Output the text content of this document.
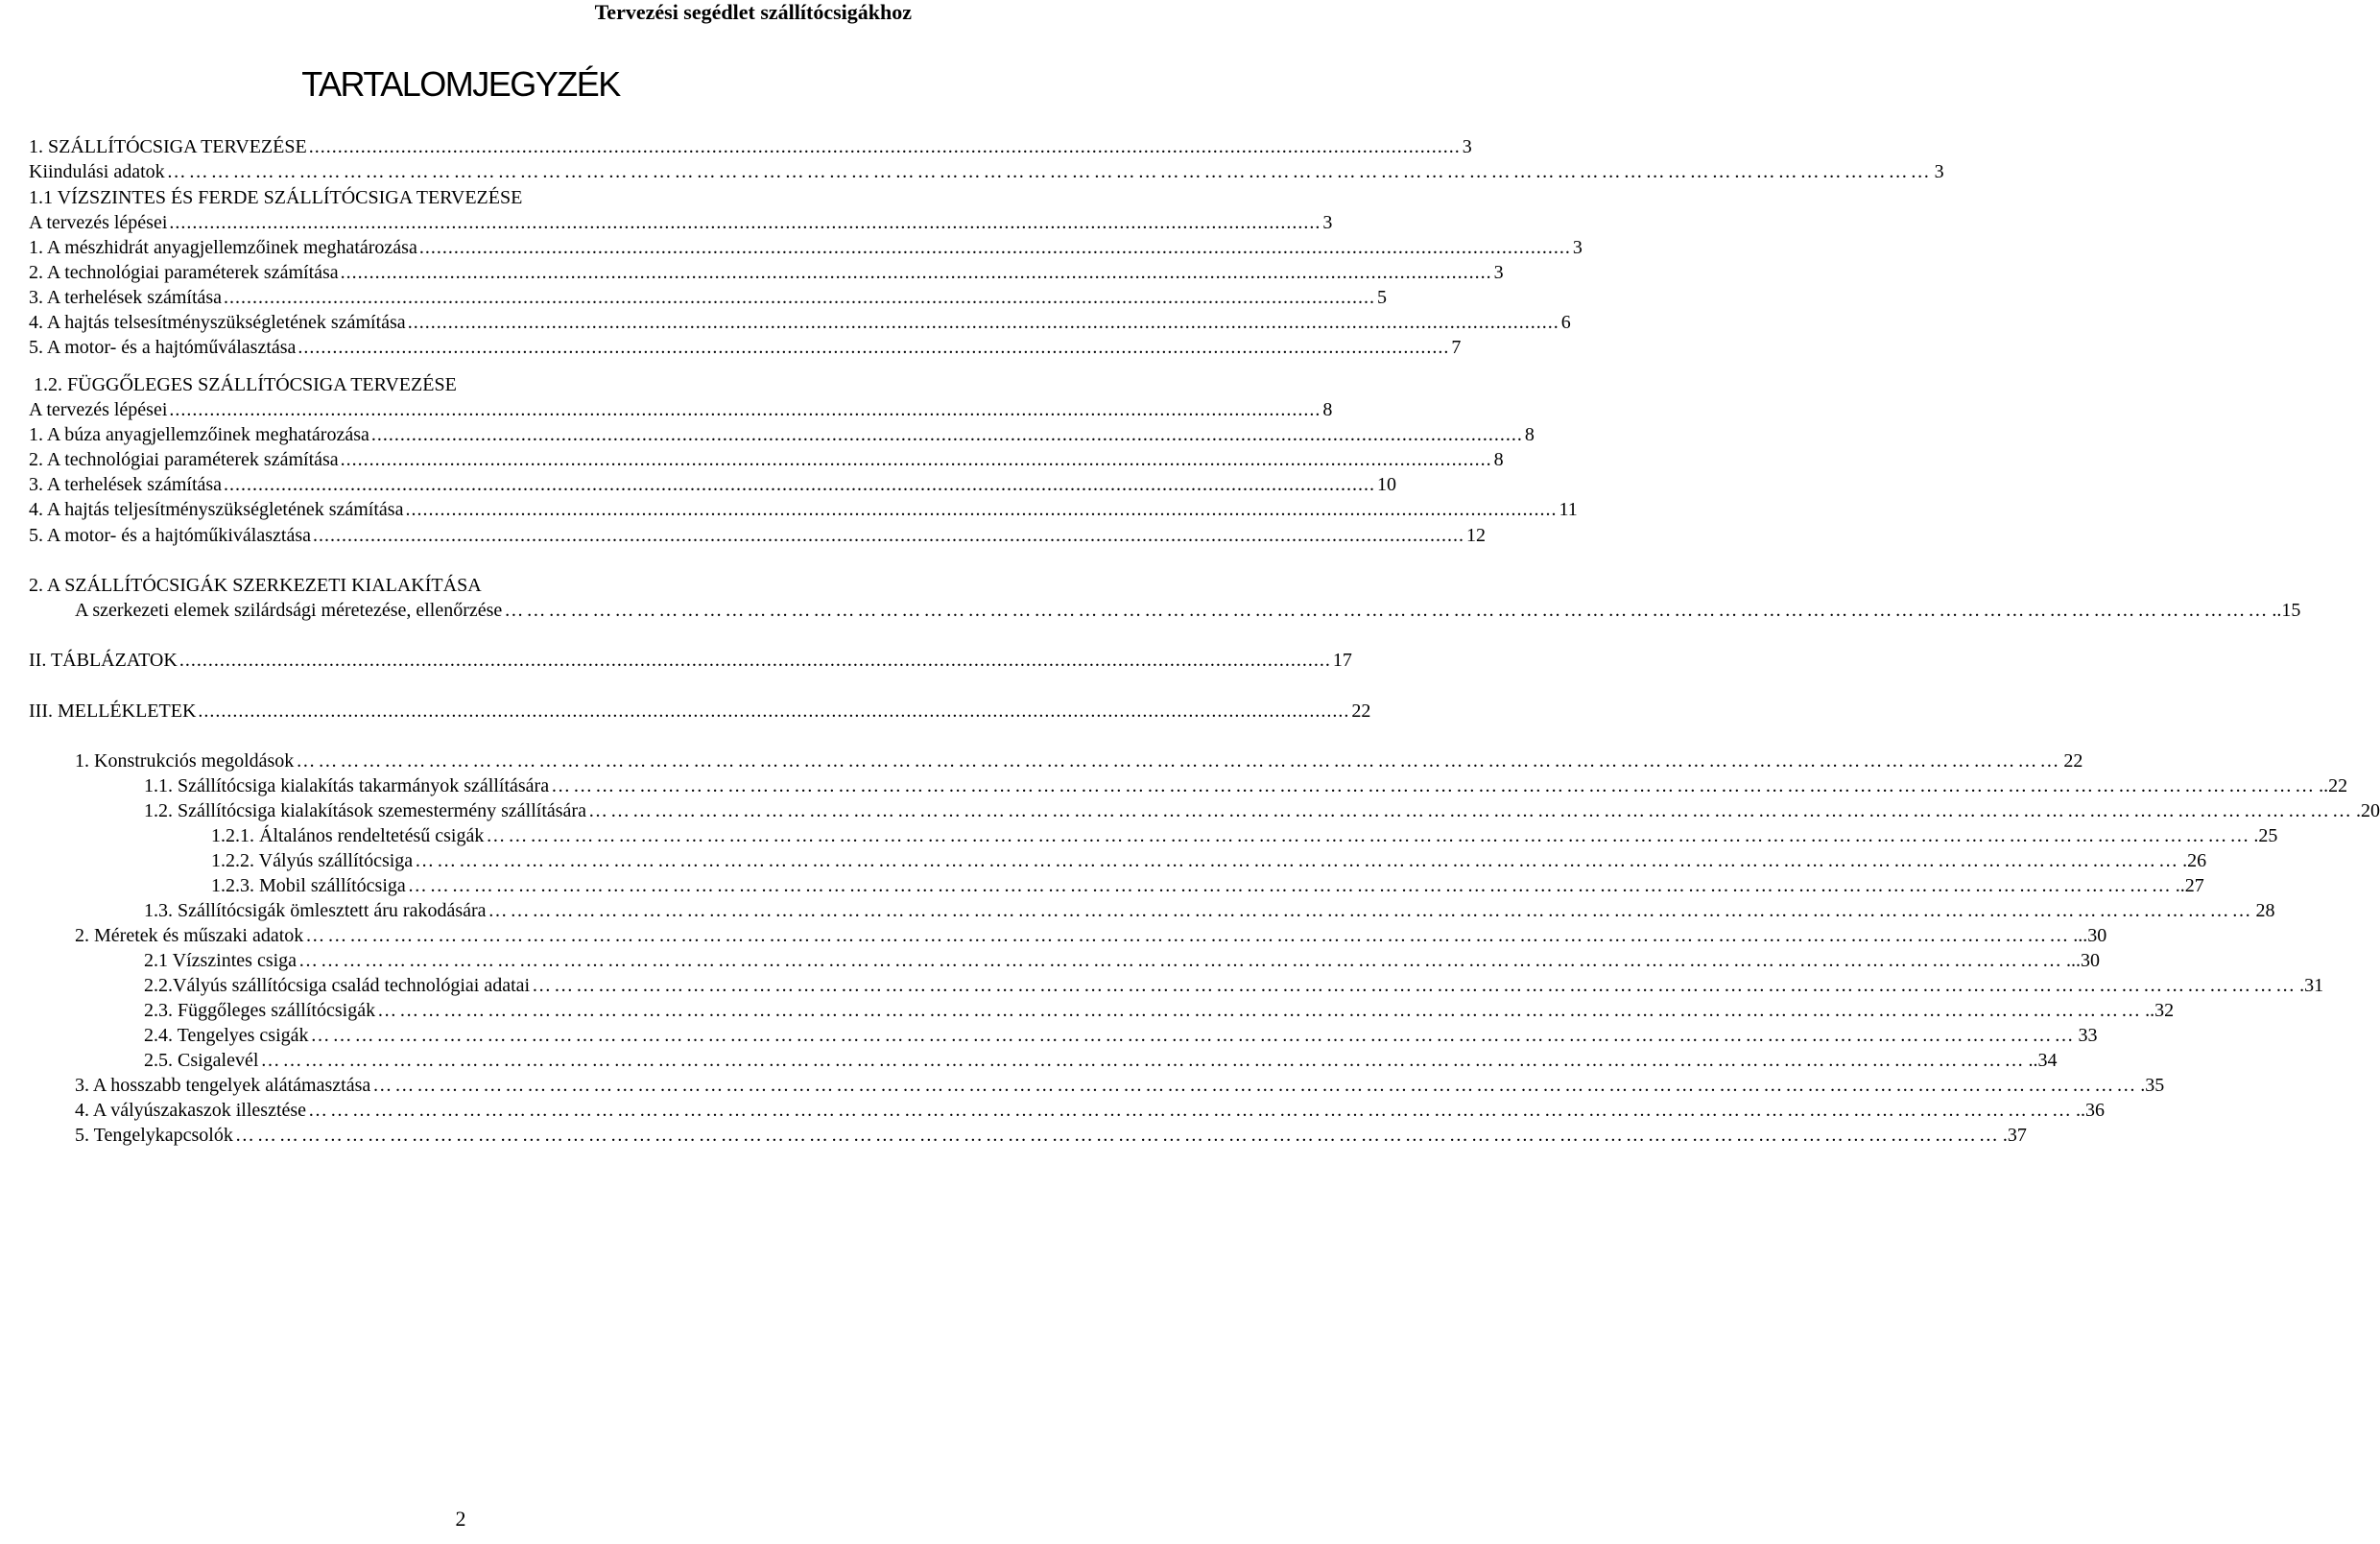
Tervezési segédlet szállítócsigákhoz
TARTALOMJEGYZÉK
1. SZÁLLÍTÓCSIGA TERVEZÉSE ........................................................................................................................................................................................................ 3
Kiindulási adatok …………………………………………………………………………………………………………………………………………………………………………………………………………………… 3
1.1 VÍZSZINTES ÉS FERDE SZÁLLÍTÓCSIGA TERVEZÉSE
A tervezés lépései ........................................................................................................................................................................................................ 3
1. A mészhidrát anyagjellemzőinek meghatározása ........................................................................................................................................................................................................ 3
2. A technológiai paraméterek számítása ........................................................................................................................................................................................................ 3
3. A terhelések számítása ........................................................................................................................................................................................................ 5
4. A hajtás telsesítményszükségletének számítása ........................................................................................................................................................................................................ 6
5. A motor- és a hajtóműválasztása ........................................................................................................................................................................................................ 7
1.2. FÜGGŐLEGES SZÁLLÍTÓCSIGA TERVEZÉSE
A tervezés lépései ........................................................................................................................................................................................................ 8
1. A búza anyagjellemzőinek meghatározása ........................................................................................................................................................................................................ 8
2. A technológiai paraméterek számítása ........................................................................................................................................................................................................ 8
3. A terhelések számítása ........................................................................................................................................................................................................ 10
4. A hajtás teljesítményszükségletének számítása ........................................................................................................................................................................................................ 11
5. A motor- és a hajtóműkiválasztása ........................................................................................................................................................................................................ 12
2. A SZÁLLÍTÓCSIGÁK SZERKEZETI KIALAKÍTÁSA
A szerkezeti elemek szilárdsági méretezése, ellenőrzése …………………………………………………………………………………………………………………………………………………………………………………………………………………… ..15
II. TÁBLÁZATOK ........................................................................................................................................................................................................ 17
III. MELLÉKLETEK ........................................................................................................................................................................................................ 22
1. Konstrukciós megoldások …………………………………………………………………………………………………………………………………………………………………………………………………………………… 22
1.1. Szállítócsiga kialakítás takarmányok szállítására …………………………………………………………………………………………………………………………………………………………………………………………………………………… ..22
1.2. Szállítócsiga kialakítások szemestermény szállítására …………………………………………………………………………………………………………………………………………………………………………………………………………………… .20
1.2.1. Általános rendeltetésű csigák …………………………………………………………………………………………………………………………………………………………………………………………………………………… .25
1.2.2. Vályús szállítócsiga …………………………………………………………………………………………………………………………………………………………………………………………………………………… .26
1.2.3. Mobil szállítócsiga …………………………………………………………………………………………………………………………………………………………………………………………………………………… ..27
1.3. Szállítócsigák ömlesztett áru rakodására …………………………………………………………………………………………………………………………………………………………………………………………………………………… 28
2. Méretek és műszaki adatok …………………………………………………………………………………………………………………………………………………………………………………………………………………… ...30
2.1 Vízszintes csiga …………………………………………………………………………………………………………………………………………………………………………………………………………………… ...30
2.2.Vályús szállítócsiga család technológiai adatai …………………………………………………………………………………………………………………………………………………………………………………………………………………… .31
2.3. Függőleges szállítócsigák …………………………………………………………………………………………………………………………………………………………………………………………………………………… ..32
2.4. Tengelyes csigák …………………………………………………………………………………………………………………………………………………………………………………………………………………… 33
2.5. Csigalevél …………………………………………………………………………………………………………………………………………………………………………………………………………………… ..34
3. A hosszabb tengelyek alátámasztása …………………………………………………………………………………………………………………………………………………………………………………………………………………… .35
4. A vályúszakaszok illesztése …………………………………………………………………………………………………………………………………………………………………………………………………………………… ..36
5. Tengelykapcsolók …………………………………………………………………………………………………………………………………………………………………………………………………………………… .37
2
